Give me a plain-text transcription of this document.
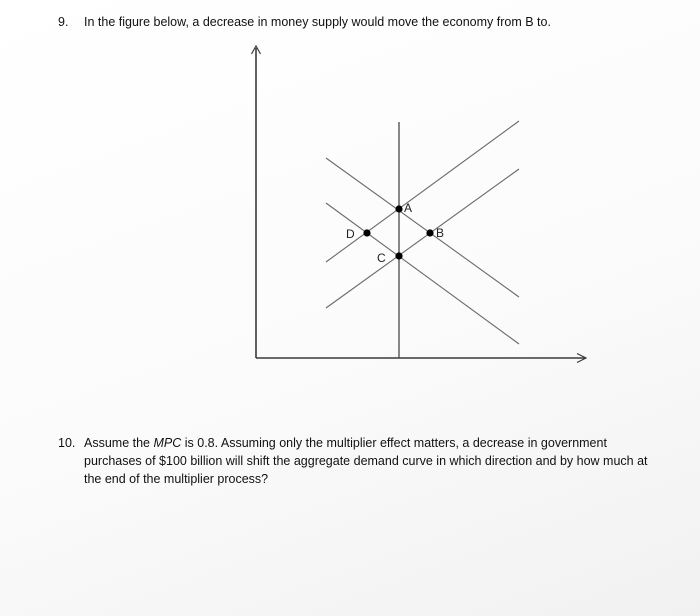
9. In the figure below, a decrease in money supply would move the economy from B to.
A
B
C
D
10. Assume the MPC is 0.8. Assuming only the multiplier effect matters, a decrease in government purchases of $100 billion will shift the aggregate demand curve in which direction and by how much at the end of the multiplier process?
